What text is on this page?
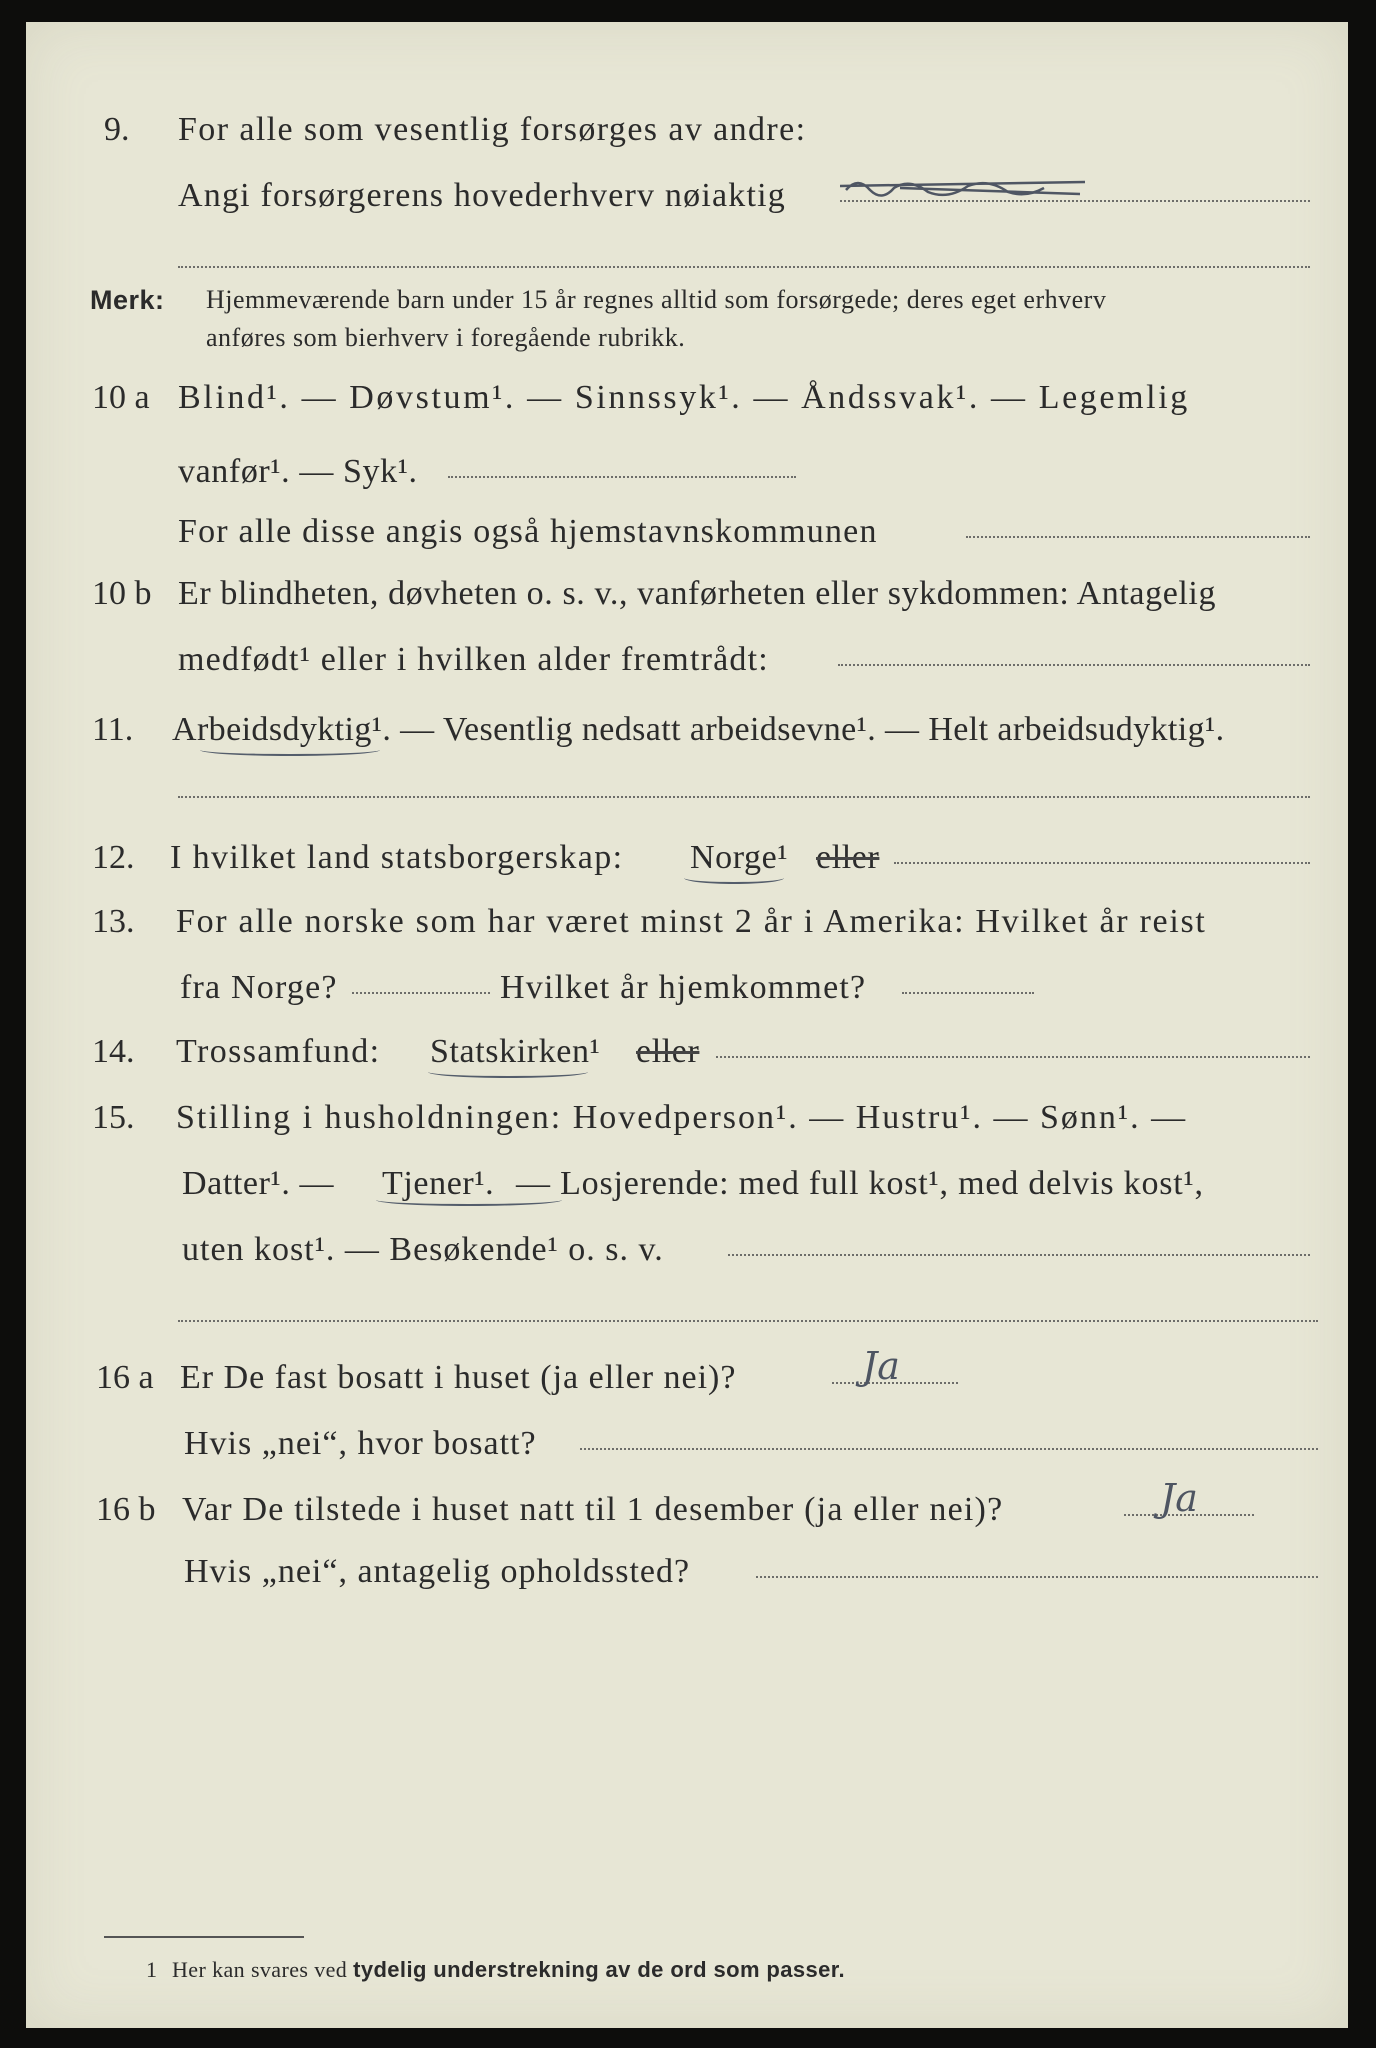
9. For alle som vesentlig forsørges av andre:
Angi forsørgerens hovederhverv nøiaktig
Merk: Hjemmeværende barn under 15 år regnes alltid som forsørgede; deres eget erhverv
anføres som bierhverv i foregående rubrikk.
10 a Blind¹. — Døvstum¹. — Sinnssyk¹. — Åndssvak¹. — Legemlig
vanfør¹. — Syk¹.
For alle disse angis også hjemstavnskommunen
10 b Er blindheten, døvheten o. s. v., vanførheten eller sykdommen: Antagelig
medfødt¹ eller i hvilken alder fremtrådt:
11. Arbeidsdyktig¹. — Vesentlig nedsatt arbeidsevne¹. — Helt arbeidsudyktig¹.
12. I hvilket land statsborgerskap: Norge¹ eller
13. For alle norske som har været minst 2 år i Amerika: Hvilket år reist
fra Norge?	Hvilket år hjemkommet?
14. Trossamfund: Statskirken¹ eller
15. Stilling i husholdningen: Hovedperson¹. — Hustru¹. — Sønn¹. —
Datter¹. — Tjener¹. — Losjerende: med full kost¹, med delvis kost¹,
uten kost¹. — Besøkende¹ o. s. v.
16 a Er De fast bosatt i huset (ja eller nei)?	Ja
Hvis „nei“, hvor bosatt?
16 b Var De tilstede i huset natt til 1 desember (ja eller nei)?	Ja
Hvis „nei“, antagelig opholdssted?
1 Her kan svares ved tydelig understrekning av de ord som passer.
